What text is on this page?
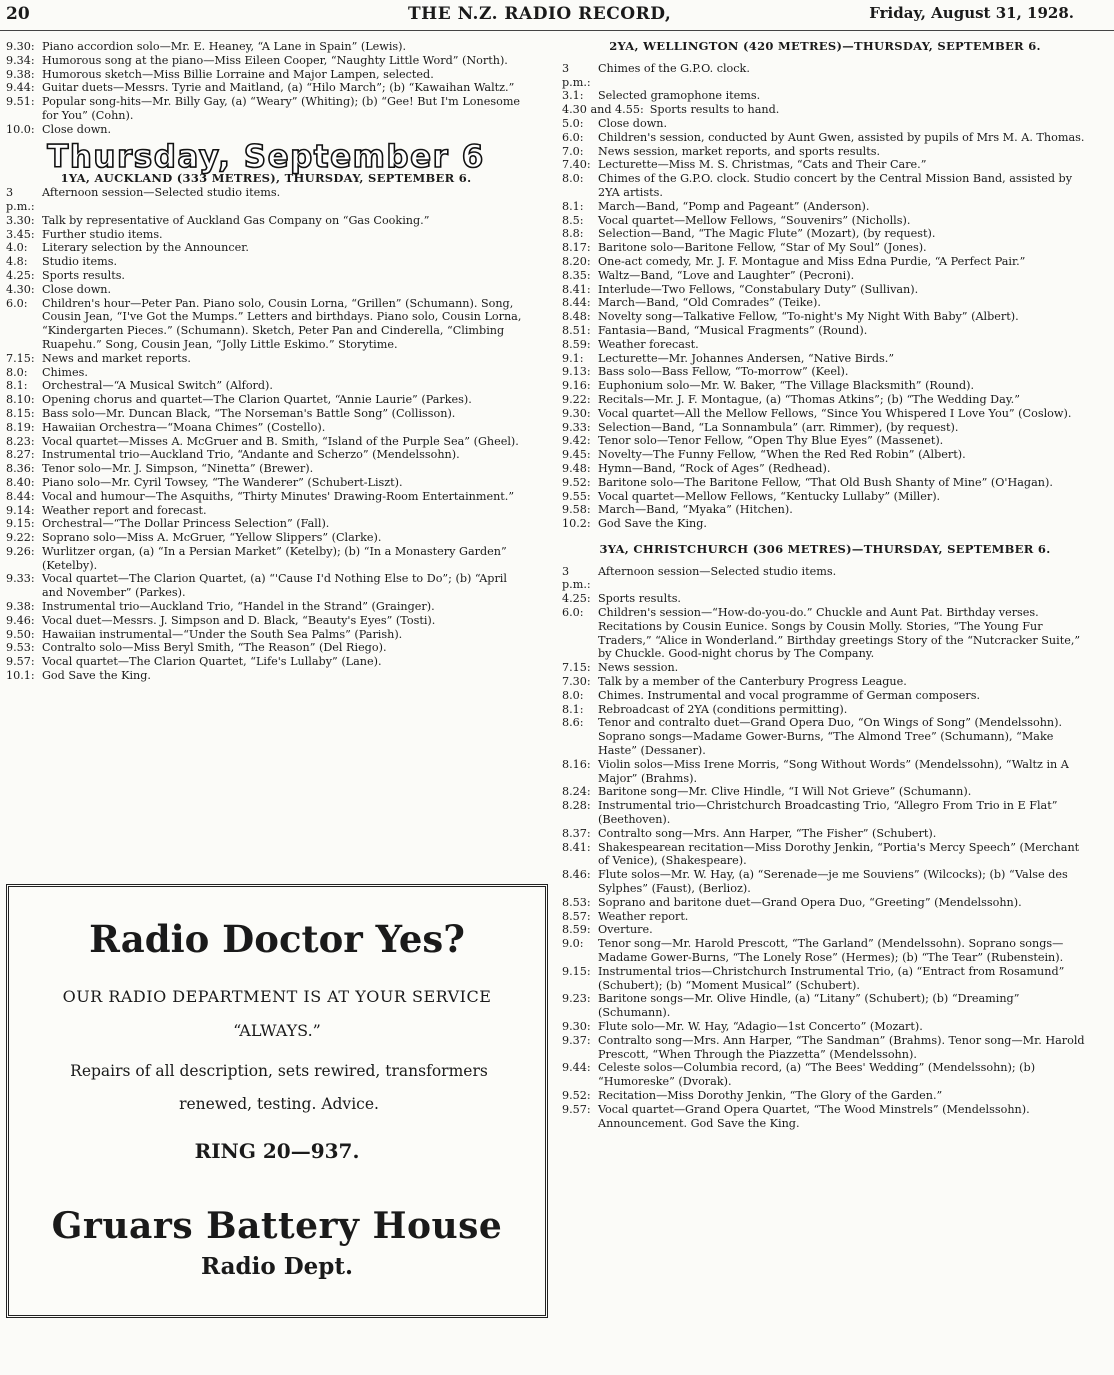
20	THE N.Z. RADIO RECORD,	Friday, August 31, 1928.
9.30: Piano accordion solo—Mr. E. Heaney, “A Lane in Spain” (Lewis).
9.34: Humorous song at the piano—Miss Eileen Cooper, “Naughty Little Word” (North).
9.38: Humorous sketch—Miss Billie Lorraine and Major Lampen, selected.
9.44: Guitar duets—Messrs. Tyrie and Maitland, (a) “Hilo March”; (b) “Kawaihan Waltz.”
9.51: Popular song-hits—Mr. Billy Gay, (a) “Weary” (Whiting); (b) “Gee! But I'm Lonesome for You” (Cohn).
10.0: Close down.
Thursday, September 6
1YA, AUCKLAND (333 METRES), THURSDAY, SEPTEMBER 6.
3 p.m.:
Afternoon session—Selected studio items.
3.30: Talk by representative of Auckland Gas Company on “Gas Cooking.”
3.45: Further studio items.
4.0:	Literary selection by the Announcer.
4.8:	Studio items.
4.25: Sports results.
4.30: Close down.
6.0:	Children's hour—Peter Pan. Piano solo, Cousin Lorna, “Grillen” (Schumann). Song, Cousin Jean, “I've Got the Mumps.” Letters and birthdays. Piano solo, Cousin Lorna, “Kindergarten Pieces.” (Schumann). Sketch, Peter Pan and Cinderella, “Climbing Ruapehu.” Song, Cousin Jean, “Jolly Little Eskimo.” Storytime.
7.15: News and market reports.
8.0:	Chimes.
8.1:	Orchestral—“A Musical Switch” (Alford).
8.10: Opening chorus and quartet—The Clarion Quartet, “Annie Laurie” (Parkes).
8.15: Bass solo—Mr. Duncan Black, “The Norseman's Battle Song” (Collisson).
8.19: Hawaiian Orchestra—“Moana Chimes” (Costello).
8.23: Vocal quartet—Misses A. McGruer and B. Smith, “Island of the Purple Sea” (Gheel).
8.27: Instrumental trio—Auckland Trio, “Andante and Scherzo” (Mendelssohn).
8.36: Tenor solo—Mr. J. Simpson, “Ninetta” (Brewer).
8.40: Piano solo—Mr. Cyril Towsey, “The Wanderer” (Schubert-Liszt).
8.44: Vocal and humour—The Asquiths, “Thirty Minutes' Drawing-Room Entertainment.”
9.14: Weather report and forecast.
9.15: Orchestral—“The Dollar Princess Selection” (Fall).
9.22: Soprano solo—Miss A. McGruer, “Yellow Slippers” (Clarke).
9.26: Wurlitzer organ, (a) “In a Persian Market” (Ketelby); (b) “In a Monastery Garden” (Ketelby).
9.33: Vocal quartet—The Clarion Quartet, (a) “'Cause I'd Nothing Else to Do”; (b) “April and November” (Parkes).
9.38: Instrumental trio—Auckland Trio, “Handel in the Strand” (Grainger).
9.46: Vocal duet—Messrs. J. Simpson and D. Black, “Beauty's Eyes” (Tosti).
9.50: Hawaiian instrumental—“Under the South Sea Palms” (Parish).
9.53: Contralto solo—Miss Beryl Smith, “The Reason” (Del Riego).
9.57: Vocal quartet—The Clarion Quartet, “Life's Lullaby” (Lane).
10.1: God Save the King.
Radio Doctor Yes?
OUR RADIO DEPARTMENT IS AT YOUR SERVICE
“ALWAYS.”
Repairs of all description, sets rewired, transformers renewed, testing. Advice.
RING 20—937.
Gruars Battery House
Radio Dept.
2YA, WELLINGTON (420 METRES)—THURSDAY, SEPTEMBER 6.
3 p.m.:
Chimes of the G.P.O. clock.
3.1:	Selected gramophone items.
4.30 and 4.55: Sports results to hand.
5.0:	Close down.
6.0:	Children's session, conducted by Aunt Gwen, assisted by pupils of Mrs M. A. Thomas.
7.0:	News session, market reports, and sports results.
7.40: Lecturette—Miss M. S. Christmas, “Cats and Their Care.”
8.0:	Chimes of the G.P.O. clock. Studio concert by the Central Mission Band, assisted by 2YA artists.
8.1:	March—Band, “Pomp and Pageant” (Anderson).
8.5:	Vocal quartet—Mellow Fellows, “Souvenirs” (Nicholls).
8.8:	Selection—Band, “The Magic Flute” (Mozart), (by request).
8.17: Baritone solo—Baritone Fellow, “Star of My Soul” (Jones).
8.20: One-act comedy, Mr. J. F. Montague and Miss Edna Purdie, “A Perfect Pair.”
8.35: Waltz—Band, “Love and Laughter” (Pecroni).
8.41: Interlude—Two Fellows, “Constabulary Duty” (Sullivan).
8.44: March—Band, “Old Comrades” (Teike).
8.48: Novelty song—Talkative Fellow, “To-night's My Night With Baby” (Albert).
8.51: Fantasia—Band, “Musical Fragments” (Round).
8.59: Weather forecast.
9.1:	Lecturette—Mr. Johannes Andersen, “Native Birds.”
9.13: Bass solo—Bass Fellow, “To-morrow” (Keel).
9.16: Euphonium solo—Mr. W. Baker, “The Village Blacksmith” (Round).
9.22: Recitals—Mr. J. F. Montague, (a) “Thomas Atkins”; (b) “The Wedding Day.”
9.30: Vocal quartet—All the Mellow Fellows, “Since You Whispered I Love You” (Coslow).
9.33: Selection—Band, “La Sonnambula” (arr. Rimmer), (by request).
9.42: Tenor solo—Tenor Fellow, “Open Thy Blue Eyes” (Massenet).
9.45: Novelty—The Funny Fellow, “When the Red Red Robin” (Albert).
9.48: Hymn—Band, “Rock of Ages” (Redhead).
9.52: Baritone solo—The Baritone Fellow, “That Old Bush Shanty of Mine” (O'Hagan).
9.55: Vocal quartet—Mellow Fellows, “Kentucky Lullaby” (Miller).
9.58: March—Band, “Myaka” (Hitchen).
10.2: God Save the King.
3YA, CHRISTCHURCH (306 METRES)—THURSDAY, SEPTEMBER 6.
3 p.m.:
Afternoon session—Selected studio items.
4.25: Sports results.
6.0:	Children's session—“How-do-you-do.” Chuckle and Aunt Pat. Birthday verses. Recitations by Cousin Eunice. Songs by Cousin Molly. Stories, “The Young Fur Traders,” “Alice in Wonderland.” Birthday greetings Story of the “Nutcracker Suite,” by Chuckle. Good-night chorus by The Company.
7.15: News session.
7.30: Talk by a member of the Canterbury Progress League.
8.0:	Chimes. Instrumental and vocal programme of German composers.
8.1:	Rebroadcast of 2YA (conditions permitting).
8.6:	Tenor and contralto duet—Grand Opera Duo, “On Wings of Song” (Mendelssohn). Soprano songs—Madame Gower-Burns, “The Almond Tree” (Schumann), “Make Haste” (Dessaner).
8.16: Violin solos—Miss Irene Morris, “Song Without Words” (Mendelssohn), “Waltz in A Major” (Brahms).
8.24: Baritone song—Mr. Clive Hindle, “I Will Not Grieve” (Schumann).
8.28: Instrumental trio—Christchurch Broadcasting Trio, “Allegro From Trio in E Flat” (Beethoven).
8.37: Contralto song—Mrs. Ann Harper, “The Fisher” (Schubert).
8.41: Shakespearean recitation—Miss Dorothy Jenkin, “Portia's Mercy Speech” (Merchant of Venice), (Shakespeare).
8.46: Flute solos—Mr. W. Hay, (a) “Serenade—je me Souviens” (Wilcocks); (b) “Valse des Sylphes” (Faust), (Berlioz).
8.53: Soprano and baritone duet—Grand Opera Duo, “Greeting” (Mendelssohn).
8.57: Weather report.
8.59: Overture.
9.0:	Tenor song—Mr. Harold Prescott, “The Garland” (Mendelssohn). Soprano songs—Madame Gower-Burns, “The Lonely Rose” (Hermes); (b) “The Tear” (Rubenstein).
9.15: Instrumental trios—Christchurch Instrumental Trio, (a) “Entract from Rosamund” (Schubert); (b) “Moment Musical” (Schubert).
9.23: Baritone songs—Mr. Olive Hindle, (a) “Litany” (Schubert); (b) “Dreaming” (Schumann).
9.30: Flute solo—Mr. W. Hay, “Adagio—1st Concerto” (Mozart).
9.37: Contralto song—Mrs. Ann Harper, “The Sandman” (Brahms). Tenor song—Mr. Harold Prescott, “When Through the Piazzetta” (Mendelssohn).
9.44: Celeste solos—Columbia record, (a) “The Bees' Wedding” (Mendelssohn); (b) “Humoreske” (Dvorak).
9.52: Recitation—Miss Dorothy Jenkin, “The Glory of the Garden.”
9.57: Vocal quartet—Grand Opera Quartet, “The Wood Minstrels” (Mendelssohn). Announcement. God Save the King.
